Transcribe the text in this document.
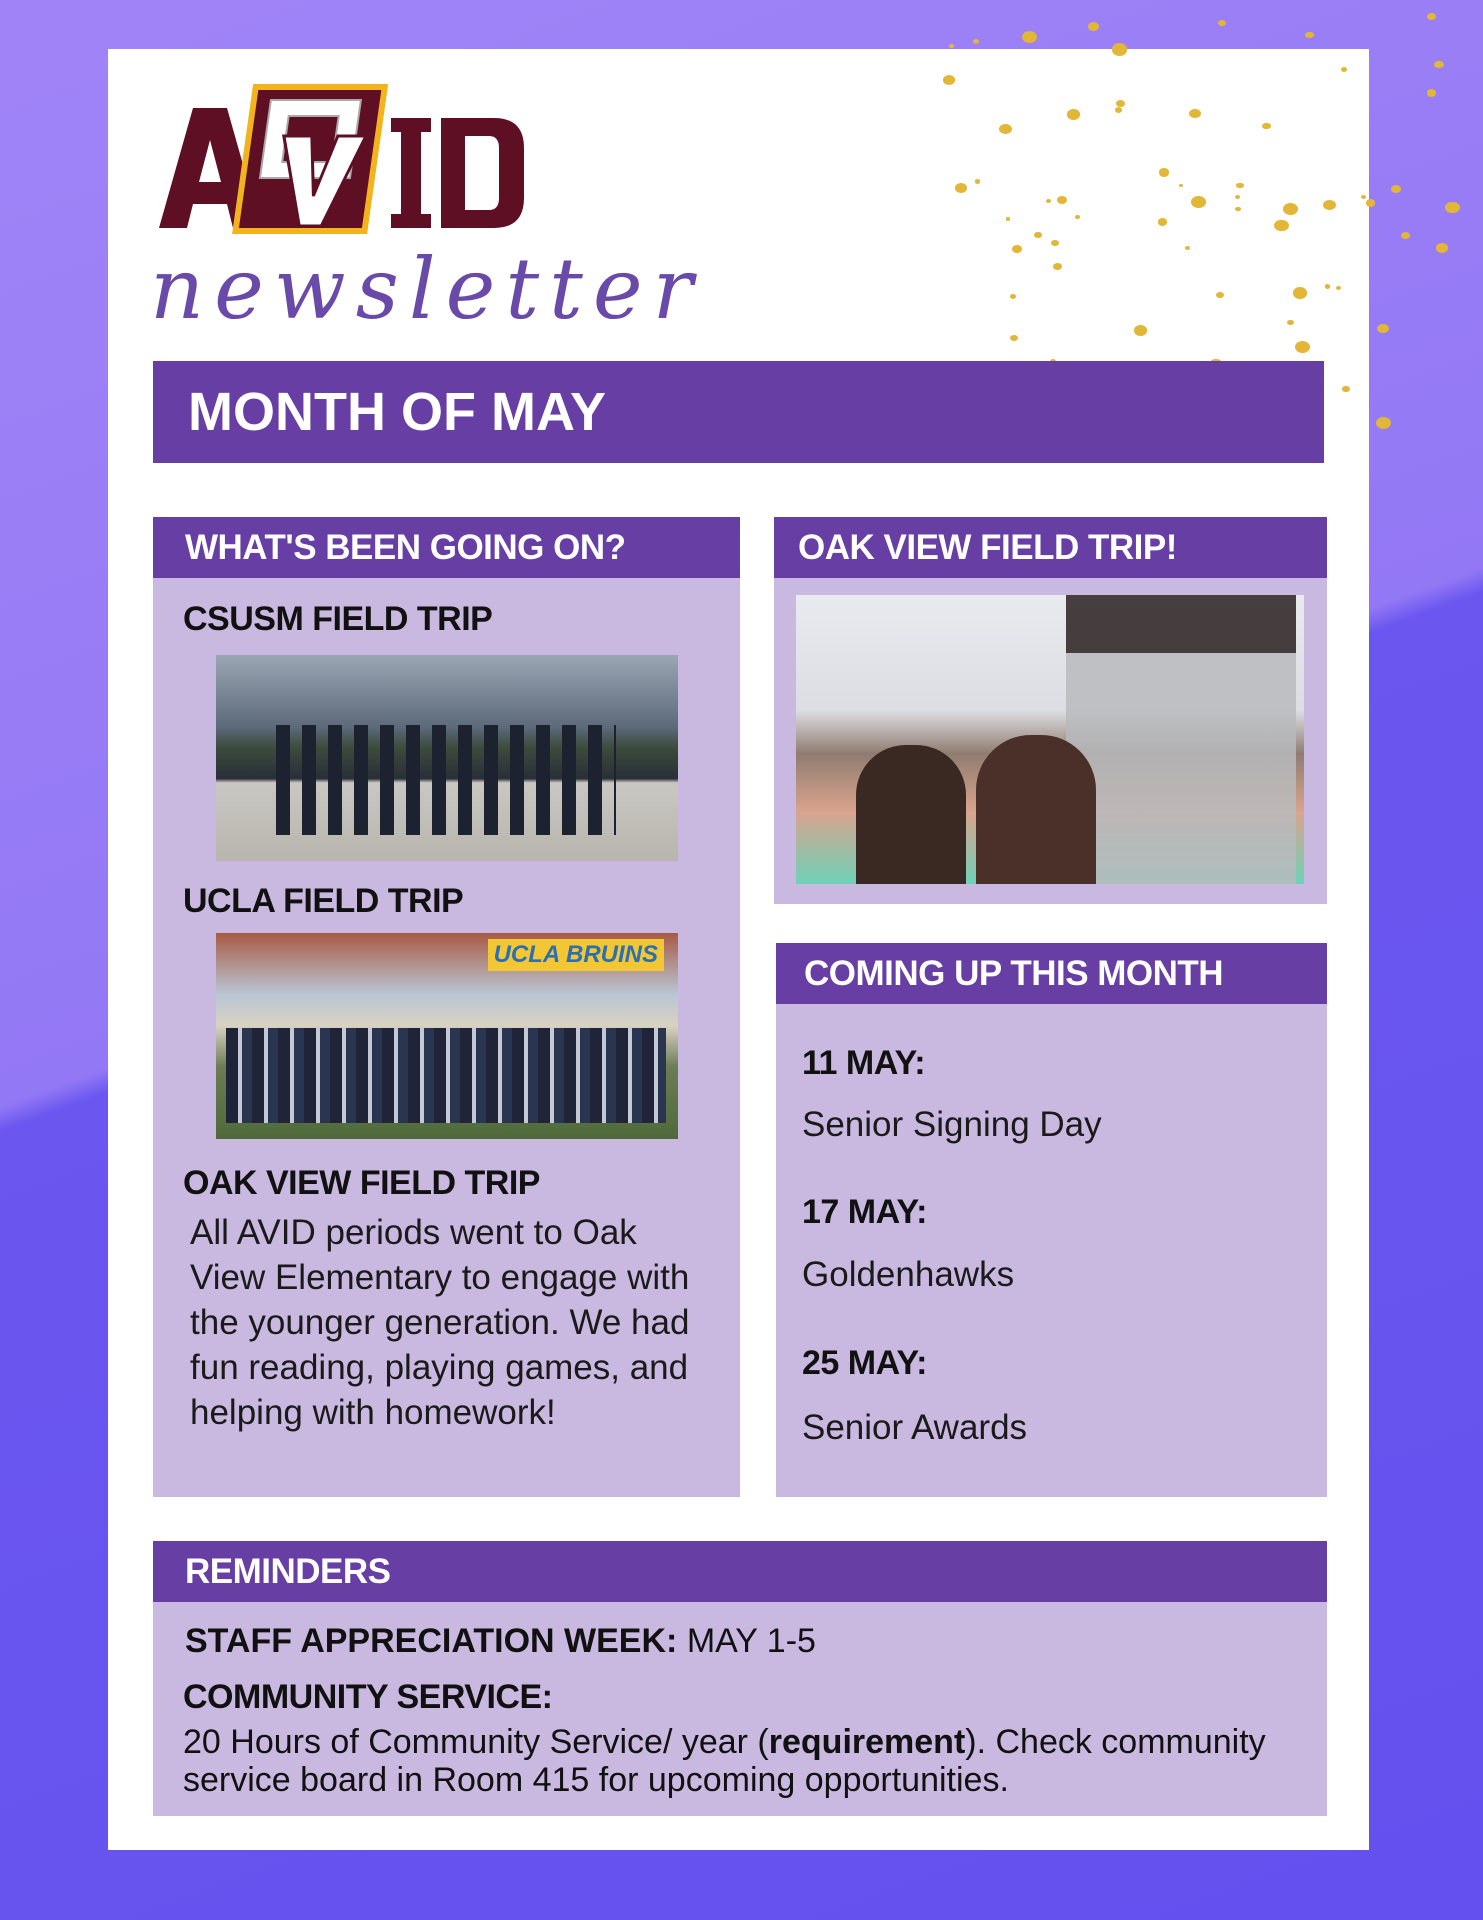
newsletter
MONTH OF MAY
WHAT'S BEEN GOING ON?
CSUSM FIELD TRIP
UCLA FIELD TRIP
UCLA BRUINS
OAK VIEW FIELD TRIP
All AVID periods went to Oak View Elementary to engage with the younger generation. We had fun reading, playing games, and helping with homework!
OAK VIEW FIELD TRIP!
COMING UP THIS MONTH
11 MAY:
Senior Signing Day
17 MAY:
Goldenhawks
25 MAY:
Senior Awards
REMINDERS
STAFF APPRECIATION WEEK: MAY 1-5
COMMUNITY SERVICE:
20 Hours of Community Service/ year (requirement). Check community service board in Room 415 for upcoming opportunities.
